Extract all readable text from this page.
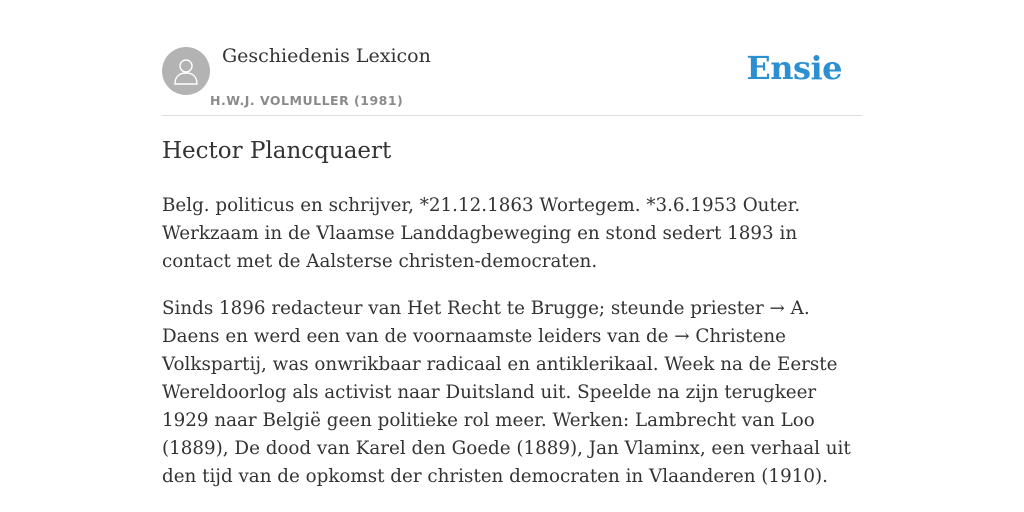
Geschiedenis Lexicon
H.W.J. VOLMULLER (1981)
Ensie
Hector Plancquaert

Belg. politicus en schrijver, *21.12.1863 Wortegem. *3.6.1953 Outer. Werkzaam in de Vlaamse Landdagbeweging en stond sedert 1893 in contact met de Aalsterse christen-democraten.

Sinds 1896 redacteur van Het Recht te Brugge; steunde priester → A. Daens en werd een van de voornaamste leiders van de → Christene Volkspartij, was onwrikbaar radicaal en antiklerikaal. Week na de Eerste Wereldoorlog als activist naar Duitsland uit. Speelde na zijn terugkeer 1929 naar België geen politieke rol meer. Werken: Lambrecht van Loo (1889), De dood van Karel den Goede (1889), Jan Vlaminx, een verhaal uit den tijd van de opkomst der christen democraten in Vlaanderen (1910).
